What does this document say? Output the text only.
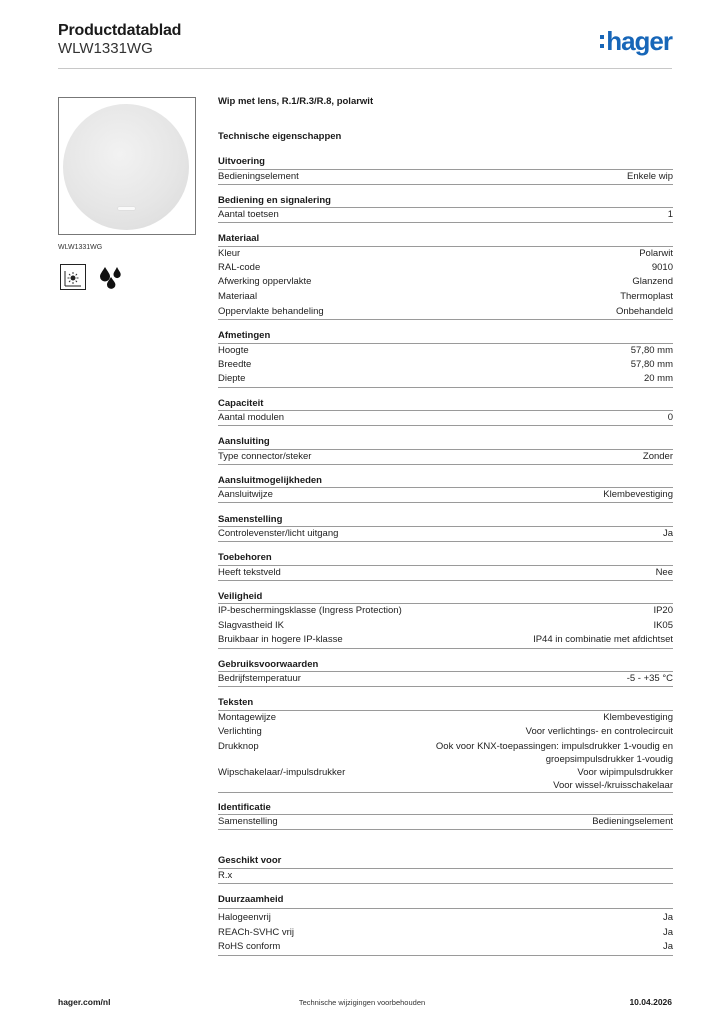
Productdatablad
WLW1331WG	hager
WLW1331WG
Wip met lens, R.1/R.3/R.8, polarwit
Technische eigenschappen
Uitvoering
Bedieningselement	Enkele wip
Bediening en signalering
Aantal toetsen	1
Materiaal
Kleur	Polarwit
RAL-code	9010
Afwerking oppervlakte	Glanzend
Materiaal	Thermoplast
Oppervlakte behandeling	Onbehandeld
Afmetingen
Hoogte	57,80 mm
Breedte	57,80 mm
Diepte	20 mm
Capaciteit
Aantal modulen	0
Aansluiting
Type connector/steker	Zonder
Aansluitmogelijkheden
Aansluitwijze	Klembevestiging
Samenstelling
Controlevenster/licht uitgang	Ja
Toebehoren
Heeft tekstveld	Nee
Veiligheid
IP-beschermingsklasse (Ingress Protection)	IP20
Slagvastheid IK	IK05
Bruikbaar in hogere IP-klasse	IP44 in combinatie met afdichtset
Gebruiksvoorwaarden
Bedrijfstemperatuur	-5 - +35 °C
Teksten
Montagewijze	Klembevestiging
Verlichting	Voor verlichtings- en controlecircuit
Drukknop	Ook voor KNX-toepassingen: impulsdrukker 1-voudig en
groepsimpulsdrukker 1-voudig
Wipschakelaar/-impulsdrukker	Voor wipimpulsdrukker
Voor wissel-/kruisschakelaar
Identificatie
Samenstelling	Bedieningselement
Geschikt voor
R.x
Duurzaamheid
Halogeenvrij	Ja
REACh-SVHC vrij	Ja
RoHS conform	Ja
hager.com/nl	Technische wijzigingen voorbehouden	10.04.2026
